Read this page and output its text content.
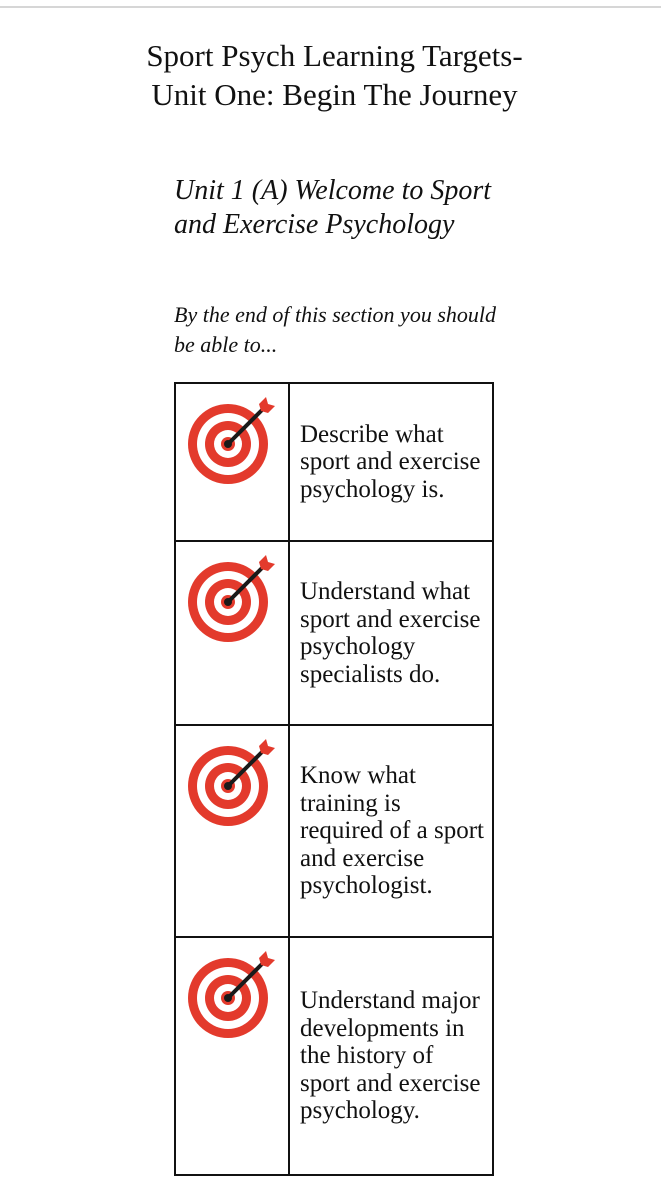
Sport Psych Learning Targets- Unit One: Begin The Journey
Unit 1 (A) Welcome to Sport and Exercise Psychology

By the end of this section you should be able to...

	Describe what sport and exercise psychology is.

	Understand what sport and exercise psychology specialists do.

	Know what training is required of a sport and exercise psychologist.

	Understand major developments in the history of sport and exercise psychology.
